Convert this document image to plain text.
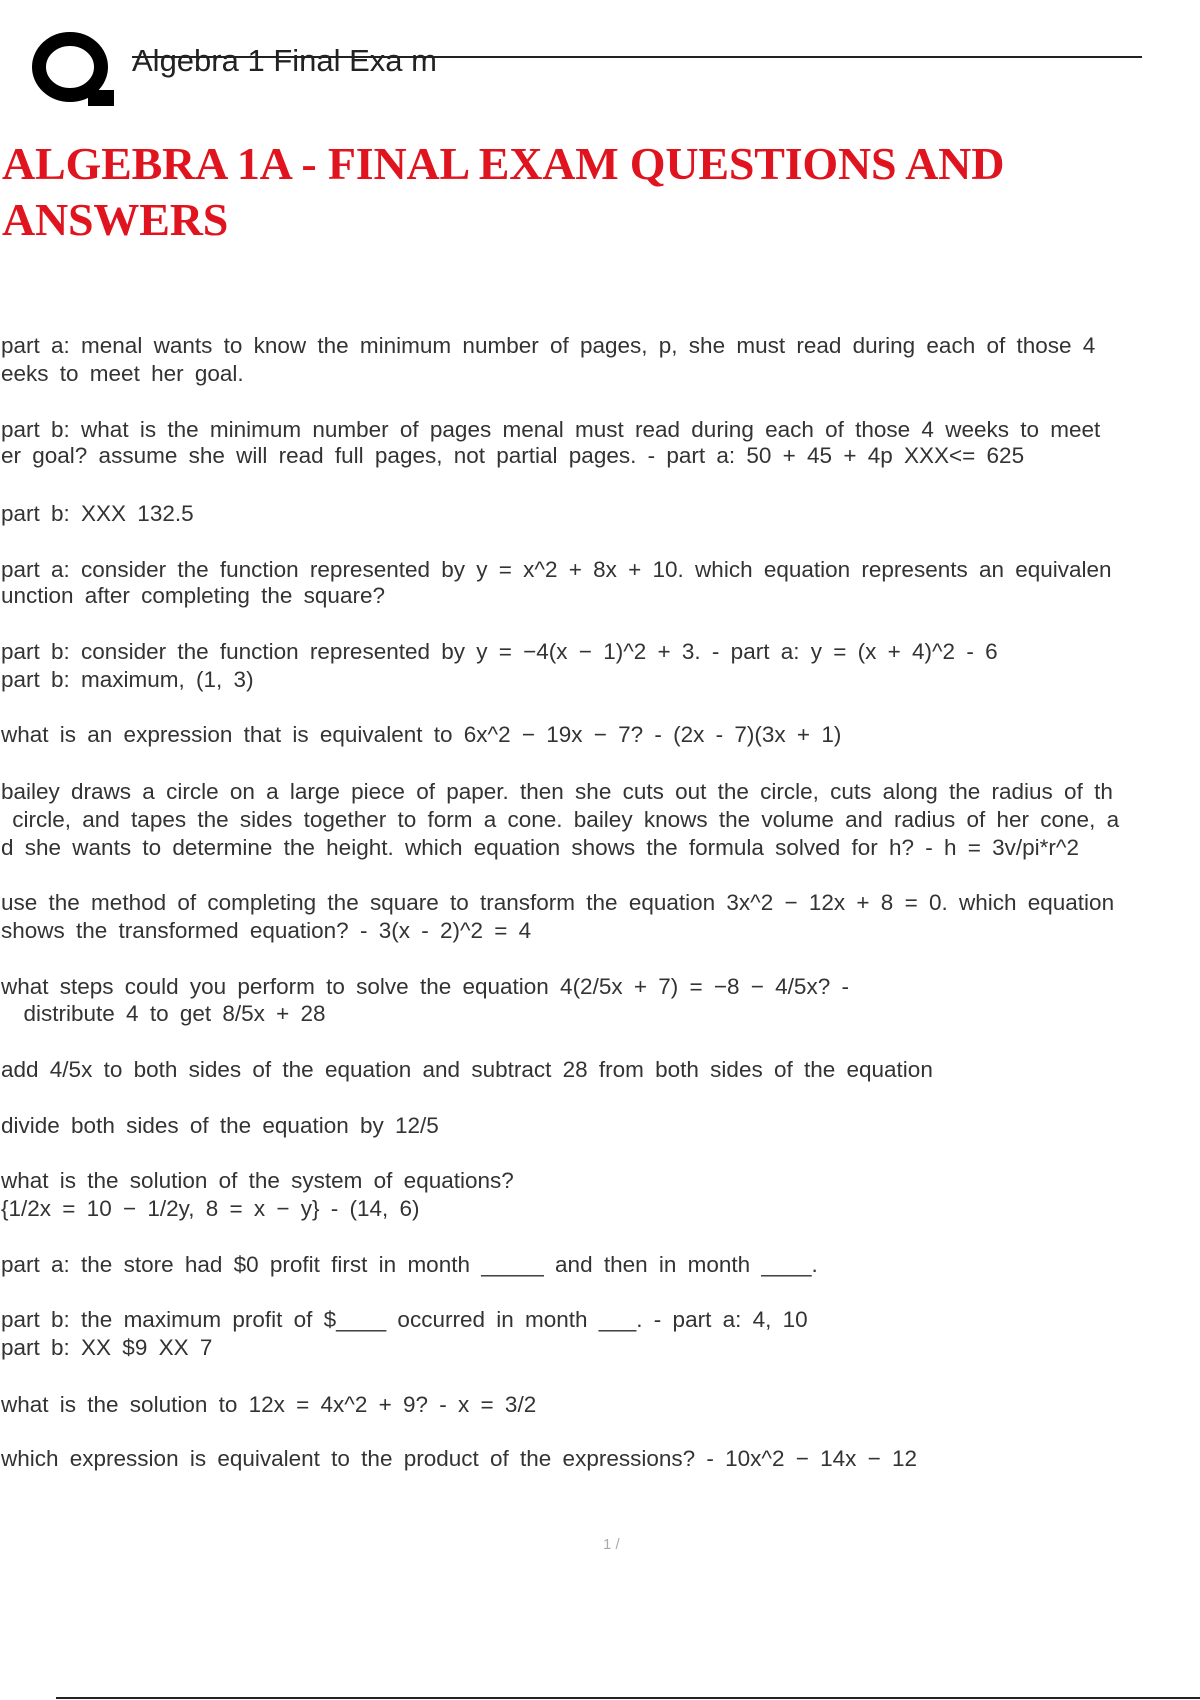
Algebra 1 Final Exa m
ALGEBRA 1A - FINAL EXAM QUESTIONS AND ANSWERS
part a: menal wants to know the minimum number of pages, p, she must read during each of those 4
eeks to meet her goal.
part b: what is the minimum number of pages menal must read during each of those 4 weeks to meet
er goal? assume she will read full pages, not partial pages. - part a: 50 + 45 + 4p XXX<= 625
part b: XXX 132.5
part a: consider the function represented by y = x^2 + 8x + 10. which equation represents an equivalen
unction after completing the square?
part b: consider the function represented by y = −4(x − 1)^2 + 3. - part a: y = (x + 4)^2 - 6
part b: maximum, (1, 3)
what is an expression that is equivalent to 6x^2 − 19x − 7? - (2x - 7)(3x + 1)
bailey draws a circle on a large piece of paper. then she cuts out the circle, cuts along the radius of th
circle, and tapes the sides together to form a cone. bailey knows the volume and radius of her cone, a
d she wants to determine the height. which equation shows the formula solved for h? - h = 3v/pi*r^2
use the method of completing the square to transform the equation 3x^2 − 12x + 8 = 0. which equation
shows the transformed equation? - 3(x - 2)^2 = 4
what steps could you perform to solve the equation 4(2/5x + 7) = −8 − 4/5x? -
distribute 4 to get 8/5x + 28
add 4/5x to both sides of the equation and subtract 28 from both sides of the equation
divide both sides of the equation by 12/5
what is the solution of the system of equations?
{1/2x = 10 − 1/2y, 8 = x − y} - (14, 6)
part a: the store had $0 profit first in month _____ and then in month ____.
part b: the maximum profit of $____ occurred in month ___. - part a: 4, 10
part b: XX $9 XX 7
what is the solution to 12x = 4x^2 + 9? - x = 3/2
which expression is equivalent to the product of the expressions? - 10x^2 − 14x − 12
1 /
